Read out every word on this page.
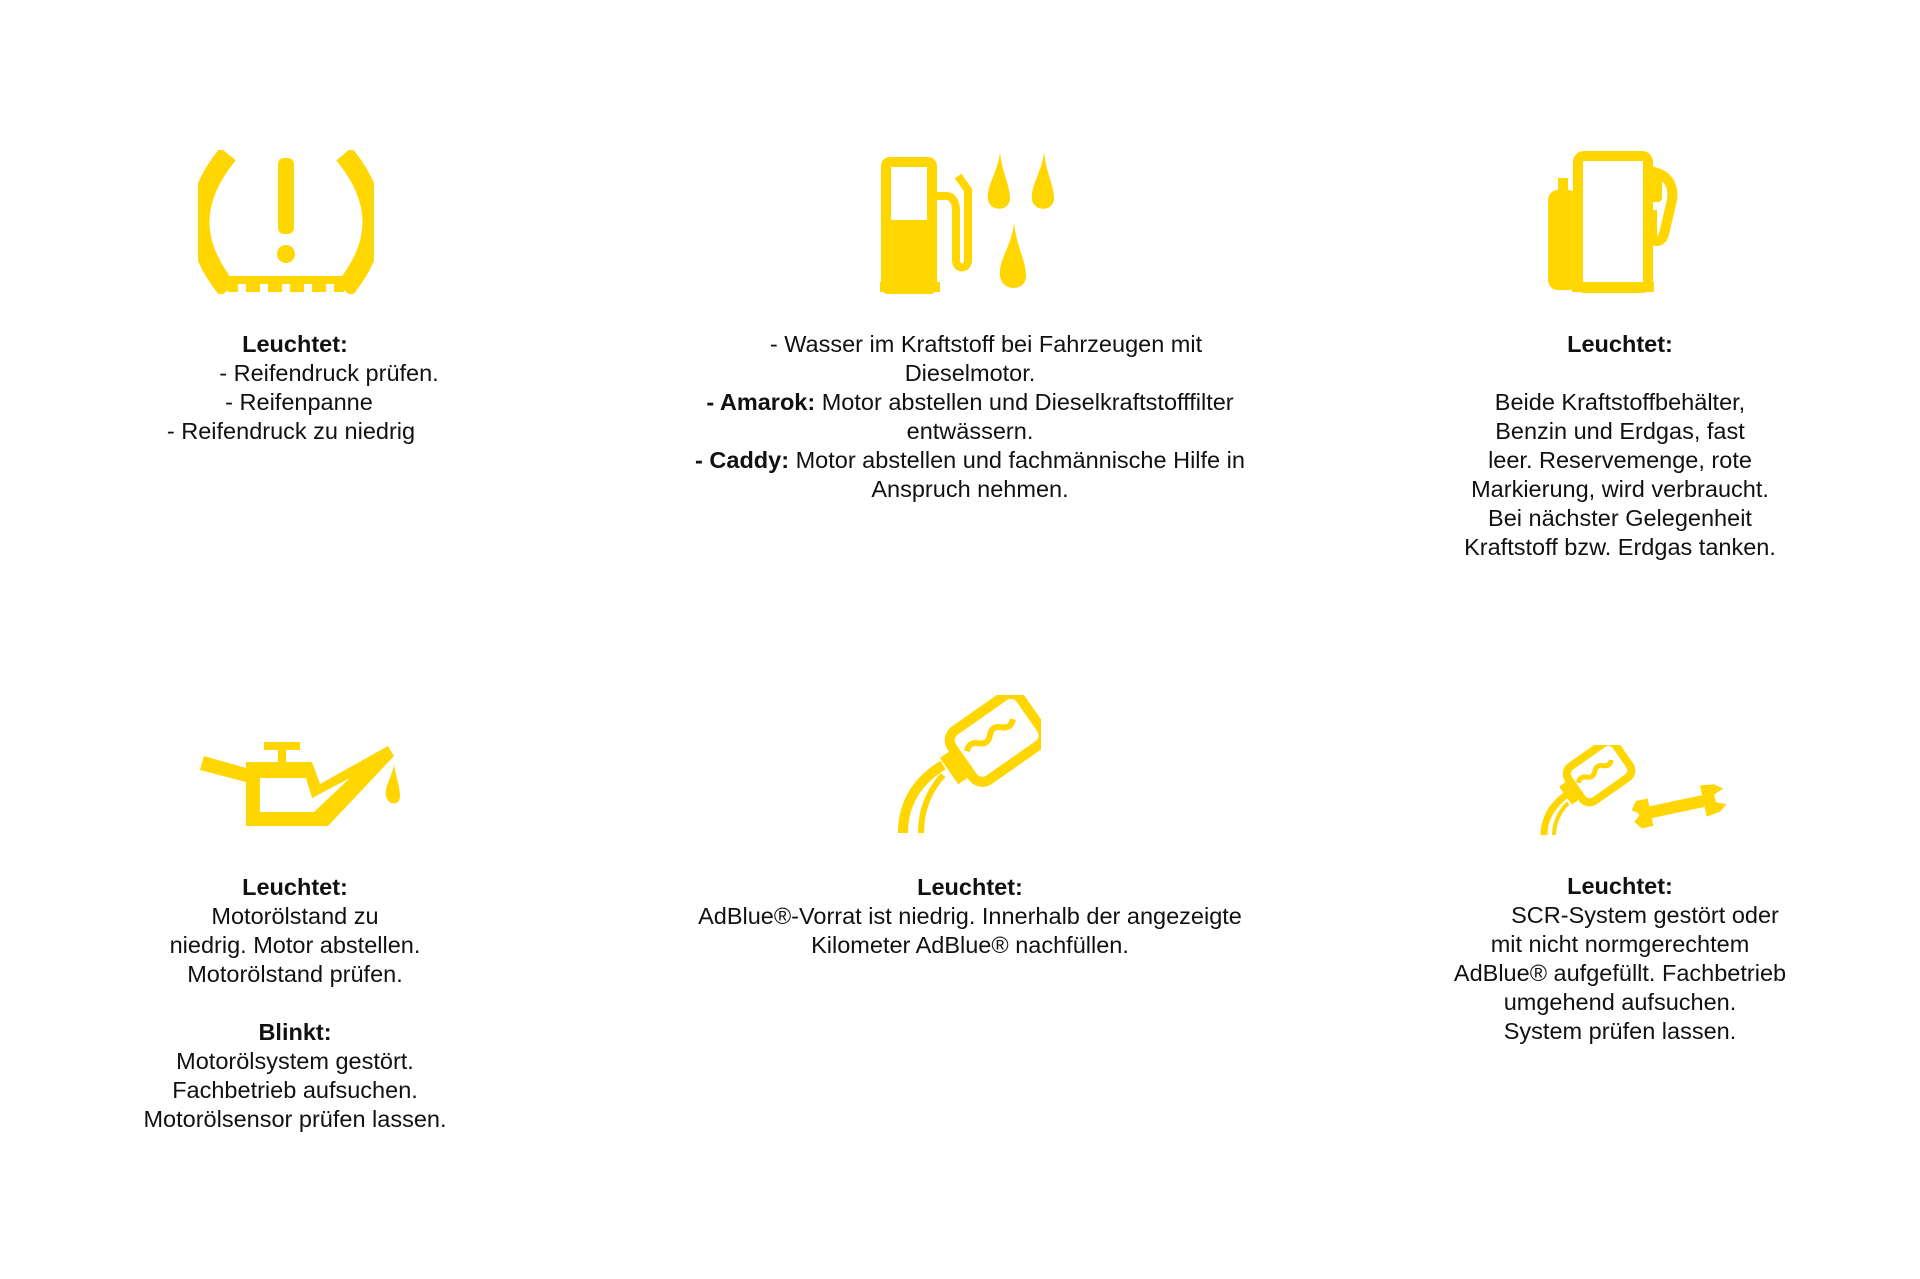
Leuchtet:
- Reifendruck prüfen.
- Reifenpanne
- Reifendruck zu niedrig
- Wasser im Kraftstoff bei Fahrzeugen mit
Dieselmotor.
- Amarok: Motor abstellen und Dieselkraftstofffilter
entwässern.
- Caddy: Motor abstellen und fachmännische Hilfe in
Anspruch nehmen.
Leuchtet:
Beide Kraftstoffbehälter,
Benzin und Erdgas, fast
leer. Reservemenge, rote
Markierung, wird verbraucht.
Bei nächster Gelegenheit
Kraftstoff bzw. Erdgas tanken.
Leuchtet:
Motorölstand zu
niedrig. Motor abstellen.
Motorölstand prüfen.
Blinkt:
Motorölsystem gestört.
Fachbetrieb aufsuchen.
Motorölsensor prüfen lassen.
Leuchtet:
AdBlue®-Vorrat ist niedrig. Innerhalb der angezeigte
Kilometer AdBlue® nachfüllen.
Leuchtet:
SCR-System gestört oder
mit nicht normgerechtem
AdBlue® aufgefüllt. Fachbetrieb
umgehend aufsuchen.
System prüfen lassen.
